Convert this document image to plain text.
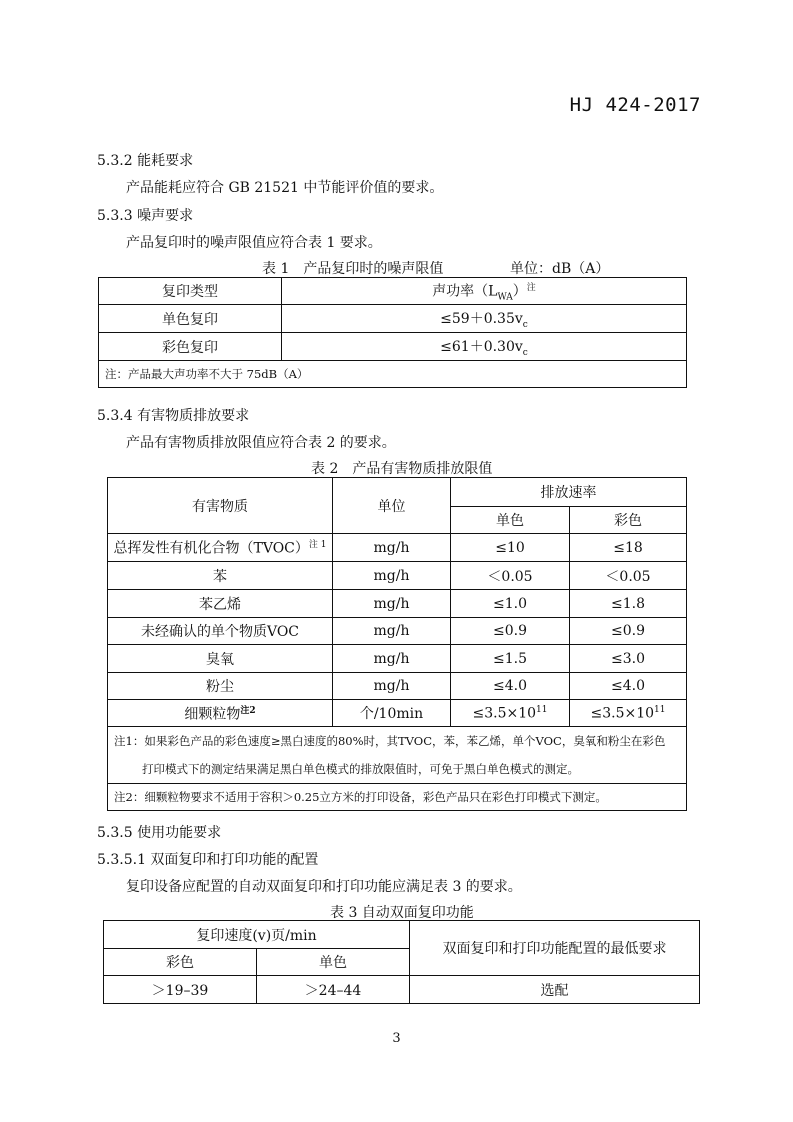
HJ 424-2017
5.3.2 能耗要求
产品能耗应符合 GB 21521 中节能评价值的要求。
5.3.3 噪声要求
产品复印时的噪声限值应符合表 1 要求。
表 1　产品复印时的噪声限值	单位：dB（A）
复印类型	声功率$(L_{WA})^注$
单色复印	$\le 59+0.35v_c$
彩色复印	$\le 61+0.30v_c$
注：产品最大声功率不大于 75dB（A）	
5.3.4 有害物质排放要求
产品有害物质排放限值应符合表 2 的要求。
表 2　产品有害物质排放限值
有害物质	单位	排放速率	
		单色	彩色
总挥发性有机化合物（TVOC）$^{注 1}$	mg/h	≤10	≤18
苯	mg/h	＜0.05	＜0.05
苯乙烯	mg/h	≤1.0	≤1.8
未经确认的单个物质VOC	mg/h	≤0.9	≤0.9
臭氧	mg/h	≤1.5	≤3.0
粉尘	mg/h	≤4.0	≤4.0
细颗粒物$^{注2}$	个/10min	$\le 3.5\times 10^{11}$	$\le 3.5\times 10^{11}$

注1：如果彩色产品的彩色速度≥黑白速度的80%时，其TVOC，苯，苯乙烯，单个VOC，臭氧和粉尘在彩色
打印模式下的测定结果满足黑白单色模式的排放限值时，可免于黑白单色模式的测定。			

注2：细颗粒物要求不适用于容积＞0.25立方米的打印设备，彩色产品只在彩色打印模式下测定。			
5.3.5 使用功能要求
5.3.5.1 双面复印和打印功能的配置
复印设备应配置的自动双面复印和打印功能应满足表 3 的要求。
表 3 自动双面复印功能
复印速度(v)页/min		双面复印和打印功能配置的最低要求
彩色	单色	
＞19–39	＞24–44	选配
3
